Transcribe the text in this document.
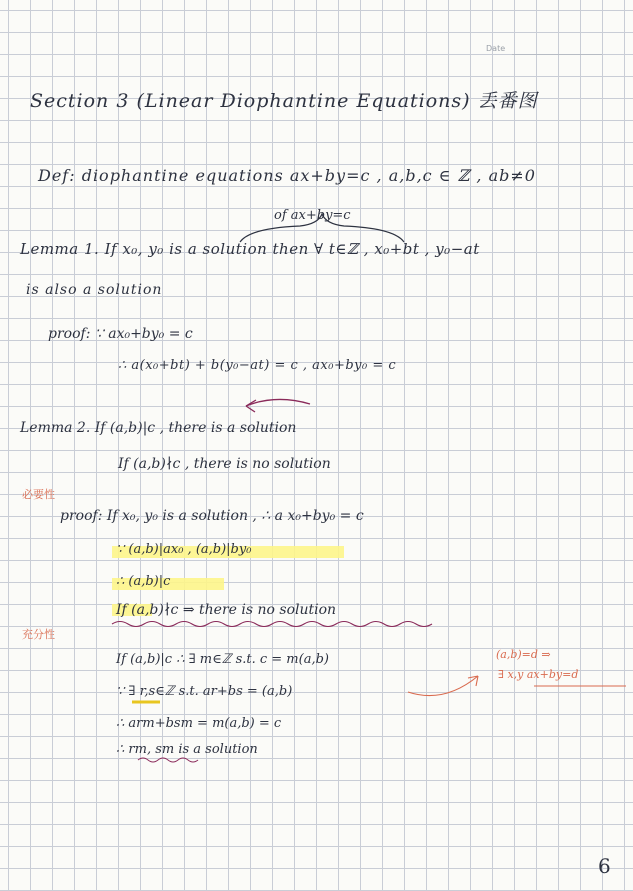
Date
Section 3 (Linear Diophantine Equations) 丢番图
Def: diophantine equations ax+by=c , a,b,c ∈ ℤ , ab≠0
of ax+by=c
Lemma 1. If x₀, y₀ is a solution then ∀ t∈ℤ , x₀+bt , y₀−at
is also a solution
proof: ∵ ax₀+by₀ = c
∴ a(x₀+bt) + b(y₀−at) = c , ax₀+by₀ = c
Lemma 2. If (a,b)|c , there is a solution
If (a,b)∤c , there is no solution
必要性
proof: If x₀, y₀ is a solution , ∴ a x₀+by₀ = c
∵ (a,b)|ax₀ , (a,b)|by₀
∴ (a,b)|c
If (a,b)∤c ⇒ there is no solution
充分性
If (a,b)|c ∴ ∃ m∈ℤ s.t. c = m(a,b)
∵ ∃ r,s∈ℤ s.t. ar+bs = (a,b)
∴ arm+bsm = m(a,b) = c
∴ rm, sm is a solution
(a,b)=d ⇒
∃ x,y ax+by=d
6
